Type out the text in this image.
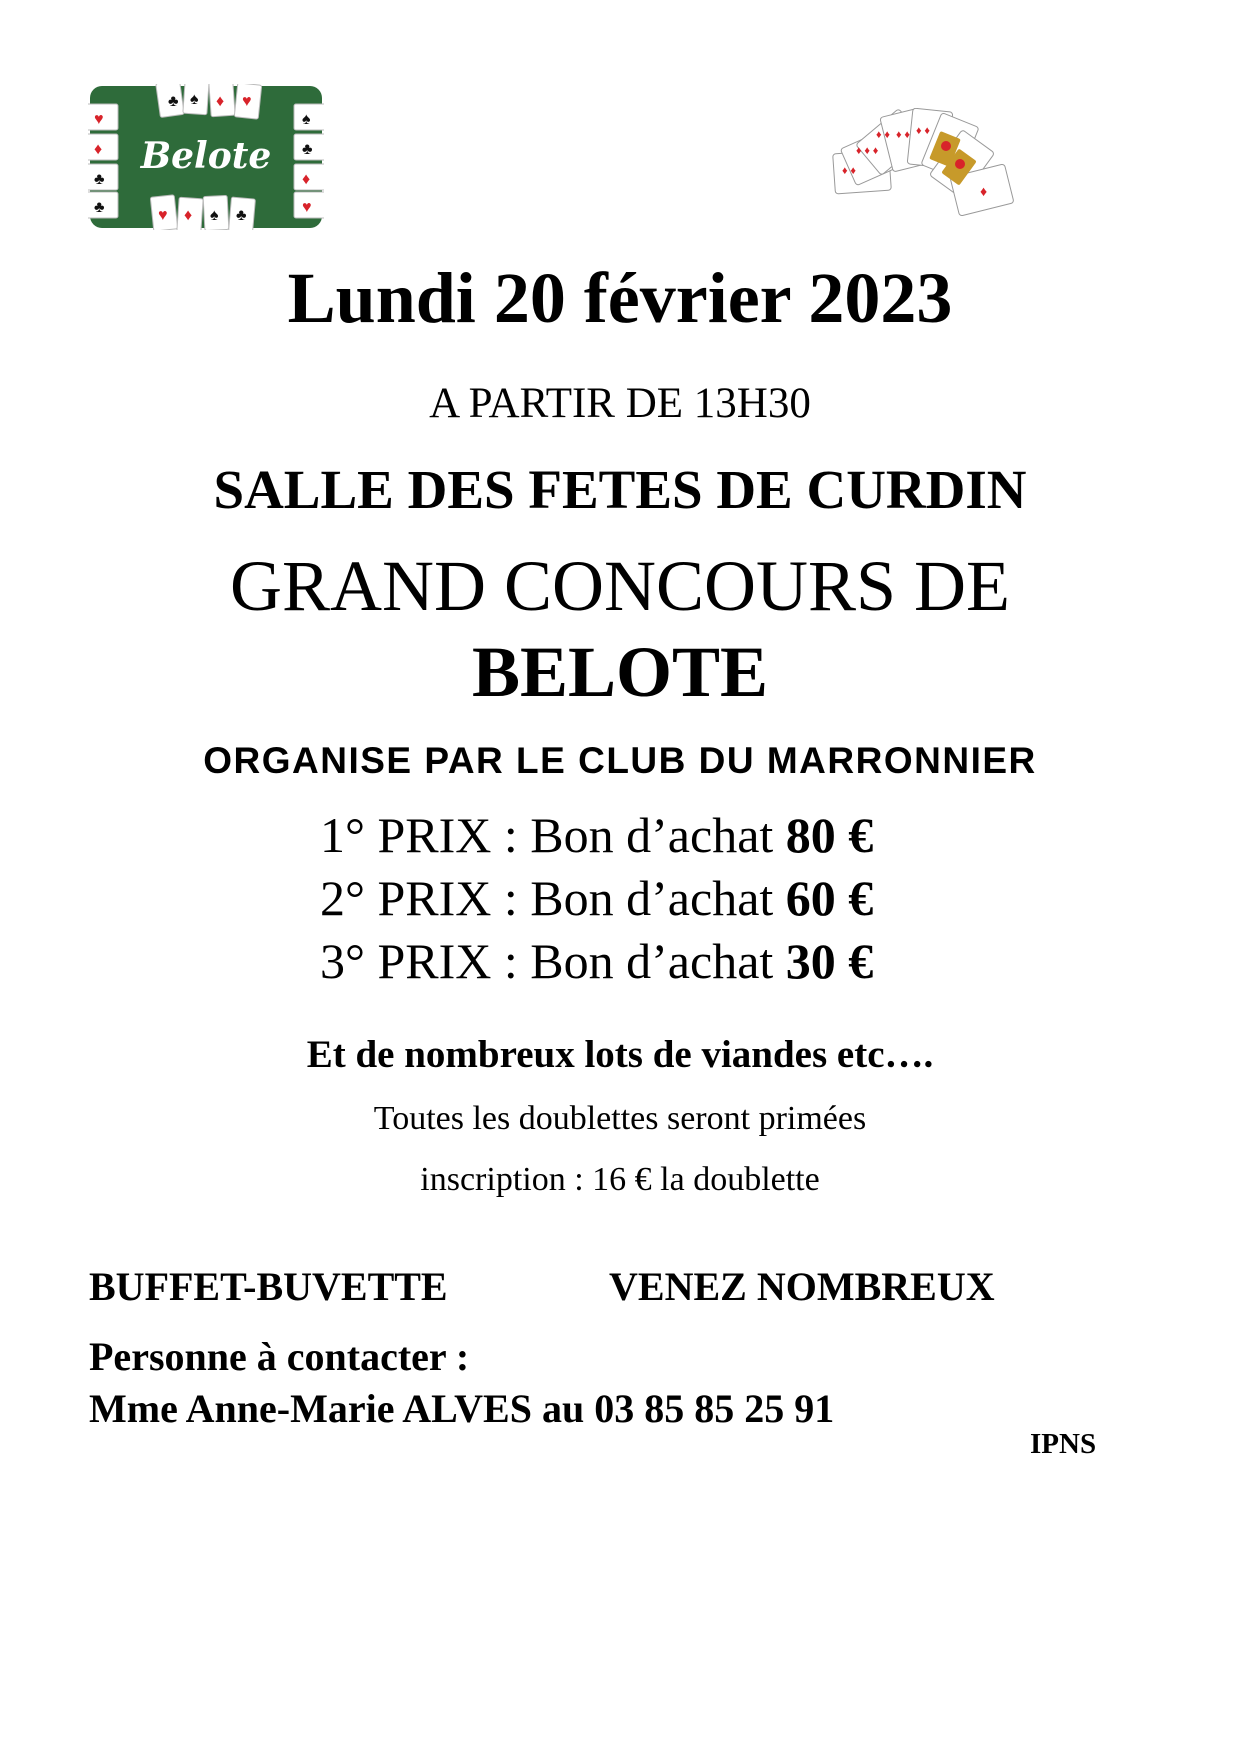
♣ ♠ ♦ ♥
♥
♦
♣
♣
♠
♣
♦
♥
♥ ♦ ♠ ♣
Belote	♦ ♦
♦ ♦ ♦
♦ ♦ ♦ ♦ ♦ ♦
♦
Lundi 20 février 2023
A PARTIR DE 13H30
SALLE DES FETES DE CURDIN
GRAND CONCOURS DE
BELOTE
ORGANISE PAR LE CLUB DU MARRONNIER
1° PRIX : Bon d’achat 80 €
2° PRIX : Bon d’achat 60 €
3° PRIX : Bon d’achat 30 €
Et de nombreux lots de viandes etc….
Toutes les doublettes seront primées
inscription : 16 € la doublette
BUFFET-BUVETTE	VENEZ NOMBREUX
Personne à contacter :
Mme Anne-Marie ALVES au 03 85 85 25 91
IPNS
